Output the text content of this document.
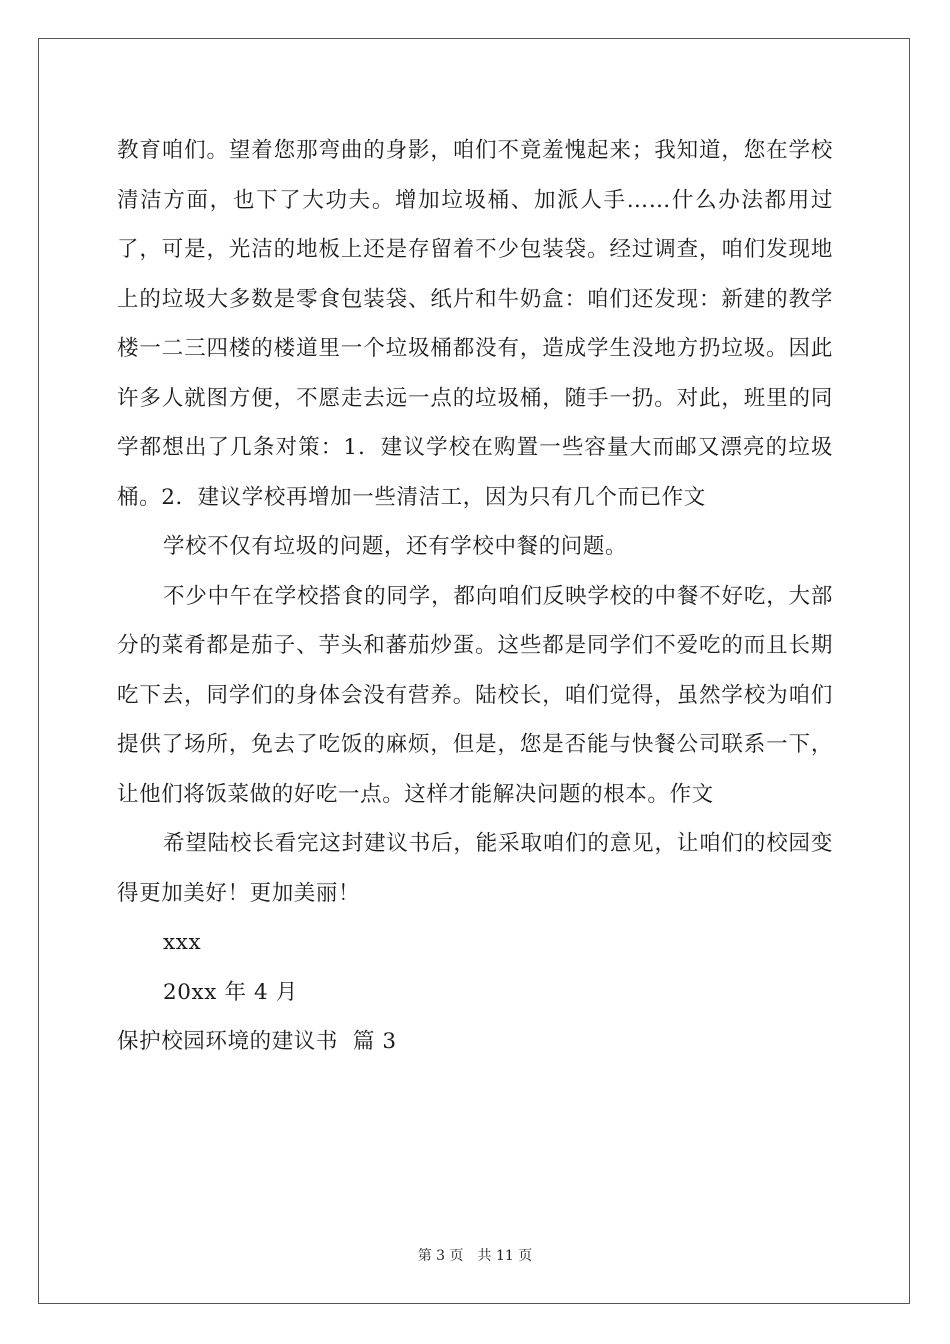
教育咱们。望着您那弯曲的身影，咱们不竟羞愧起来；我知道，您在学校清洁方面，也下了大功夫。增加垃圾桶、加派人手……什么办法都用过了，可是，光洁的地板上还是存留着不少包装袋。经过调查，咱们发现地上的垃圾大多数是零食包装袋、纸片和牛奶盒：咱们还发现：新建的教学楼一二三四楼的楼道里一个垃圾桶都没有，造成学生没地方扔垃圾。因此许多人就图方便，不愿走去远一点的垃圾桶，随手一扔。对此，班里的同学都想出了几条对策：1．建议学校在购置一些容量大而邮又漂亮的垃圾桶。2．建议学校再增加一些清洁工，因为只有几个而已作文

学校不仅有垃圾的问题，还有学校中餐的问题。

不少中午在学校搭食的同学，都向咱们反映学校的中餐不好吃，大部分的菜肴都是茄子、芋头和蕃茄炒蛋。这些都是同学们不爱吃的而且长期吃下去，同学们的身体会没有营养。陆校长，咱们觉得，虽然学校为咱们提供了场所，免去了吃饭的麻烦，但是，您是否能与快餐公司联系一下，让他们将饭菜做的好吃一点。这样才能解决问题的根本。作文

希望陆校长看完这封建议书后，能采取咱们的意见，让咱们的校园变得更加美好！更加美丽！

xxx

20xx 年 4 月

保护校园环境的建议书  篇 3

第 3 页 共 11 页
